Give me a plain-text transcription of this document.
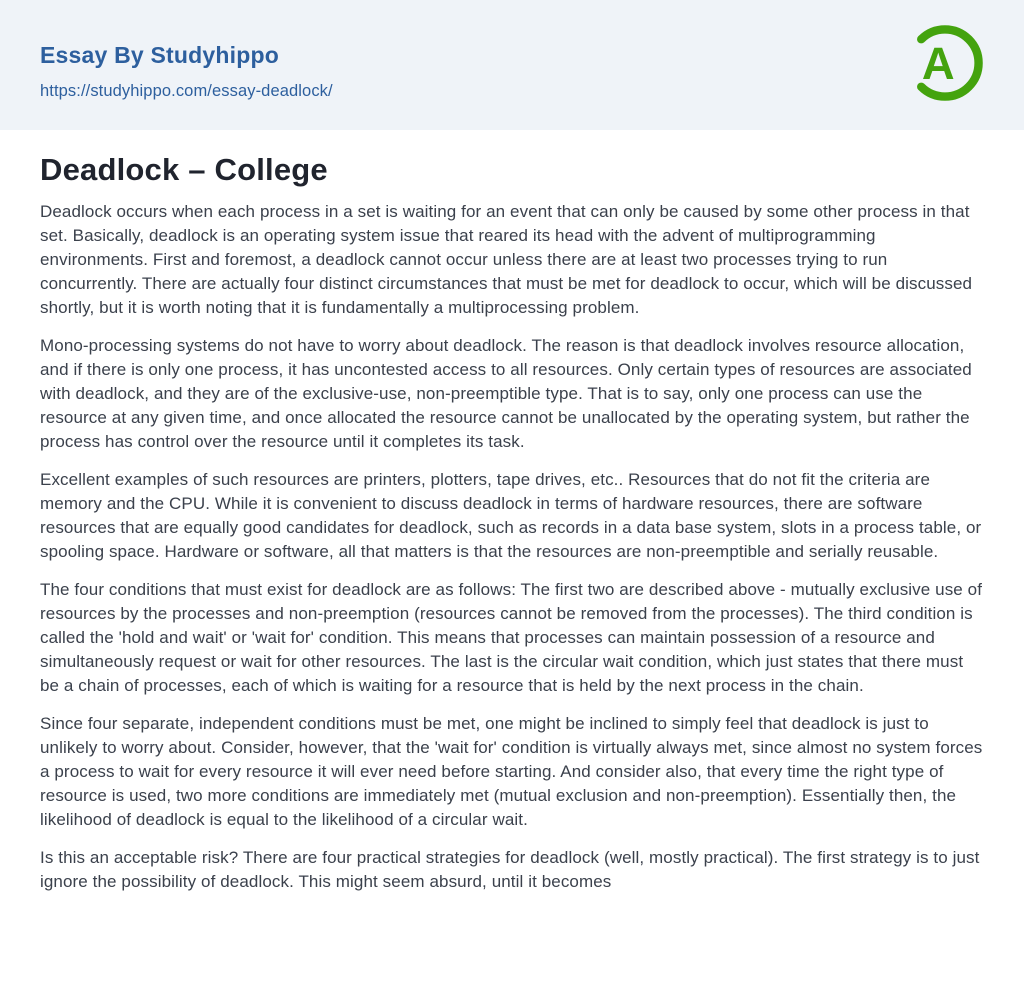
Essay By Studyhippo
https://studyhippo.com/essay-deadlock/
A
Deadlock – College

Deadlock occurs when each process in a set is waiting for an event that can only be caused by some other process in that set. Basically, deadlock is an operating system issue that reared its head with the advent of multiprogramming environments. First and foremost, a deadlock cannot occur unless there are at least two processes trying to run concurrently. There are actually four distinct circumstances that must be met for deadlock to occur, which will be discussed shortly, but it is worth noting that it is fundamentally a multiprocessing problem.

Mono-processing systems do not have to worry about deadlock. The reason is that deadlock involves resource allocation, and if there is only one process, it has uncontested access to all resources. Only certain types of resources are associated with deadlock, and they are of the exclusive-use, non-preemptible type. That is to say, only one process can use the resource at any given time, and once allocated the resource cannot be unallocated by the operating system, but rather the process has control over the resource until it completes its task.

Excellent examples of such resources are printers, plotters, tape drives, etc.. Resources that do not fit the criteria are memory and the CPU. While it is convenient to discuss deadlock in terms of hardware resources, there are software resources that are equally good candidates for deadlock, such as records in a data base system, slots in a process table, or spooling space. Hardware or software, all that matters is that the resources are non-preemptible and serially reusable.

The four conditions that must exist for deadlock are as follows: The first two are described above - mutually exclusive use of resources by the processes and non-preemption (resources cannot be removed from the processes). The third condition is called the 'hold and wait' or 'wait for' condition. This means that processes can maintain possession of a resource and simultaneously request or wait for other resources. The last is the circular wait condition, which just states that there must be a chain of processes, each of which is waiting for a resource that is held by the next process in the chain.

Since four separate, independent conditions must be met, one might be inclined to simply feel that deadlock is just to unlikely to worry about. Consider, however, that the 'wait for' condition is virtually always met, since almost no system forces a process to wait for every resource it will ever need before starting. And consider also, that every time the right type of resource is used, two more conditions are immediately met (mutual exclusion and non-preemption). Essentially then, the likelihood of deadlock is equal to the likelihood of a circular wait.

Is this an acceptable risk? There are four practical strategies for deadlock (well, mostly practical). The first strategy is to just ignore the possibility of deadlock. This might seem absurd, until it becomes
